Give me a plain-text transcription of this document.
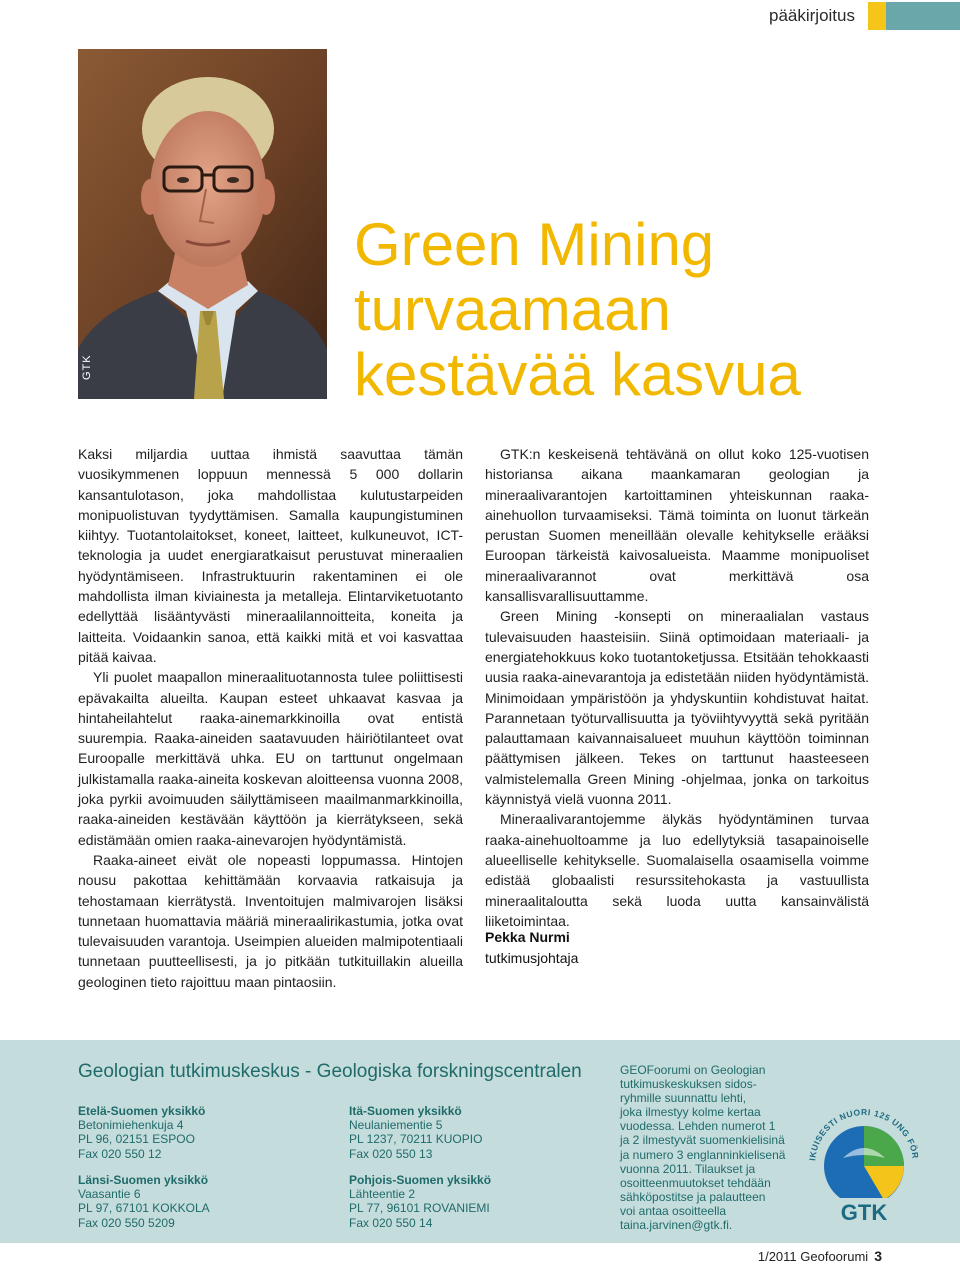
pääkirjoitus
GTK
Green Mining
turvaamaan
kestävää kasvua

Kaksi miljardia uuttaa ihmistä saavuttaa tämän vuosikymmenen loppuun mennessä 5 000 dollarin kansantulotason, joka mahdollistaa kulutustarpeiden monipuolistuvan tyydyttämisen. Samalla kaupungistuminen kiihtyy. Tuotantolaitokset, koneet, laitteet, kulkuneuvot, ICT-teknologia ja uudet energiaratkaisut perustuvat mineraalien hyödyntämiseen. Infrastruktuurin rakentaminen ei ole mahdollista ilman kiviainesta ja metalleja. Elintarviketuotanto edellyttää lisääntyvästi mineraalilannoitteita, koneita ja laitteita. Voidaankin sanoa, että kaikki mitä et voi kasvattaa pitää kaivaa.

Yli puolet maapallon mineraalituotannosta tulee poliittisesti epävakailta alueilta. Kaupan esteet uhkaavat kasvaa ja hintaheilahtelut raaka-ainemarkkinoilla ovat entistä suurempia. Raaka-aineiden saatavuuden häiriötilanteet ovat Euroopalle merkittävä uhka. EU on tarttunut ongelmaan julkistamalla raaka-aineita koskevan aloitteensa vuonna 2008, joka pyrkii avoimuuden säilyttämiseen maailmanmarkkinoilla, raaka-aineiden kestävään käyttöön ja kierrätykseen, sekä edistämään omien raaka-ainevarojen hyödyntämistä.

Raaka-aineet eivät ole nopeasti loppumassa. Hintojen nousu pakottaa kehittämään korvaavia ratkaisuja ja tehostamaan kierrätystä. Inventoitujen malmivarojen lisäksi tunnetaan huomattavia määriä mineraalirikastumia, jotka ovat tulevaisuuden varantoja. Useimpien alueiden malmipotentiaali tunnetaan puutteellisesti, ja jo pitkään tutkituillakin alueilla geologinen tieto rajoittuu maan pintaosiin.

GTK:n keskeisenä tehtävänä on ollut koko 125-vuotisen historiansa aikana maankamaran geologian ja mineraalivarantojen kartoittaminen yhteiskunnan raaka-ainehuollon turvaamiseksi. Tämä toiminta on luonut tärkeän perustan Suomen meneillään olevalle kehitykselle erääksi Euroopan tärkeistä kaivosalueista. Maamme monipuoliset mineraalivarannot ovat merkittävä osa kansallisvarallisuuttamme.

Green Mining -konsepti on mineraalialan vastaus tulevaisuuden haasteisiin. Siinä optimoidaan materiaali- ja energiatehokkuus koko tuotantoketjussa. Etsitään tehokkaasti uusia raaka-ainevarantoja ja edistetään niiden hyödyntämistä. Minimoidaan ympäristöön ja yhdyskuntiin kohdistuvat haitat. Parannetaan työturvallisuutta ja työviihtyvyyttä sekä pyritään palauttamaan kaivannaisalueet muuhun käyttöön toiminnan päättymisen jälkeen. Tekes on tarttunut haasteeseen valmistelemalla Green Mining -ohjelmaa, jonka on tarkoitus käynnistyä vielä vuonna 2011.

Mineraalivarantojemme älykäs hyödyntäminen turvaa raaka-ainehuoltoamme ja luo edellytyksiä tasapainoiselle alueelliselle kehitykselle. Suomalaisella osaamisella voimme edistää globaalisti resurssitehokasta ja vastuullista mineraalitaloutta sekä luoda uutta kansainvälistä liiketoimintaa.

Pekka Nurmi
tutkimusjohtaja
Geologian tutkimuskeskus - Geologiska forskningscentralen
Etelä-Suomen yksikkö
Betonimiehenkuja 4
PL 96, 02151 ESPOO
Fax 020 550 12
Itä-Suomen yksikkö
Neulaniementie 5
PL 1237, 70211 KUOPIO
Fax 020 550 13
Länsi-Suomen yksikkö
Vaasantie 6
PL 97, 67101 KOKKOLA
Fax 020 550 5209
Pohjois-Suomen yksikkö
Lähteentie 2
PL 77, 96101 ROVANIEMI
Fax 020 550 14
GEOFoorumi on Geologian
tutkimuskeskuksen sidos-
ryhmille suunnattu lehti,
joka ilmestyy kolme kertaa
vuodessa. Lehden numerot 1
ja 2 ilmestyvät suomenkielisinä
ja numero 3 englanninkielisenä
vuonna 2011. Tilaukset ja
osoitteenmuutokset tehdään
sähköpostitse ja palautteen
voi antaa osoitteella
taina.jarvinen@gtk.fi.
IKUISESTI NUORI 125 UNG FÖR
GTK
1/2011 Geofoorumi 3
